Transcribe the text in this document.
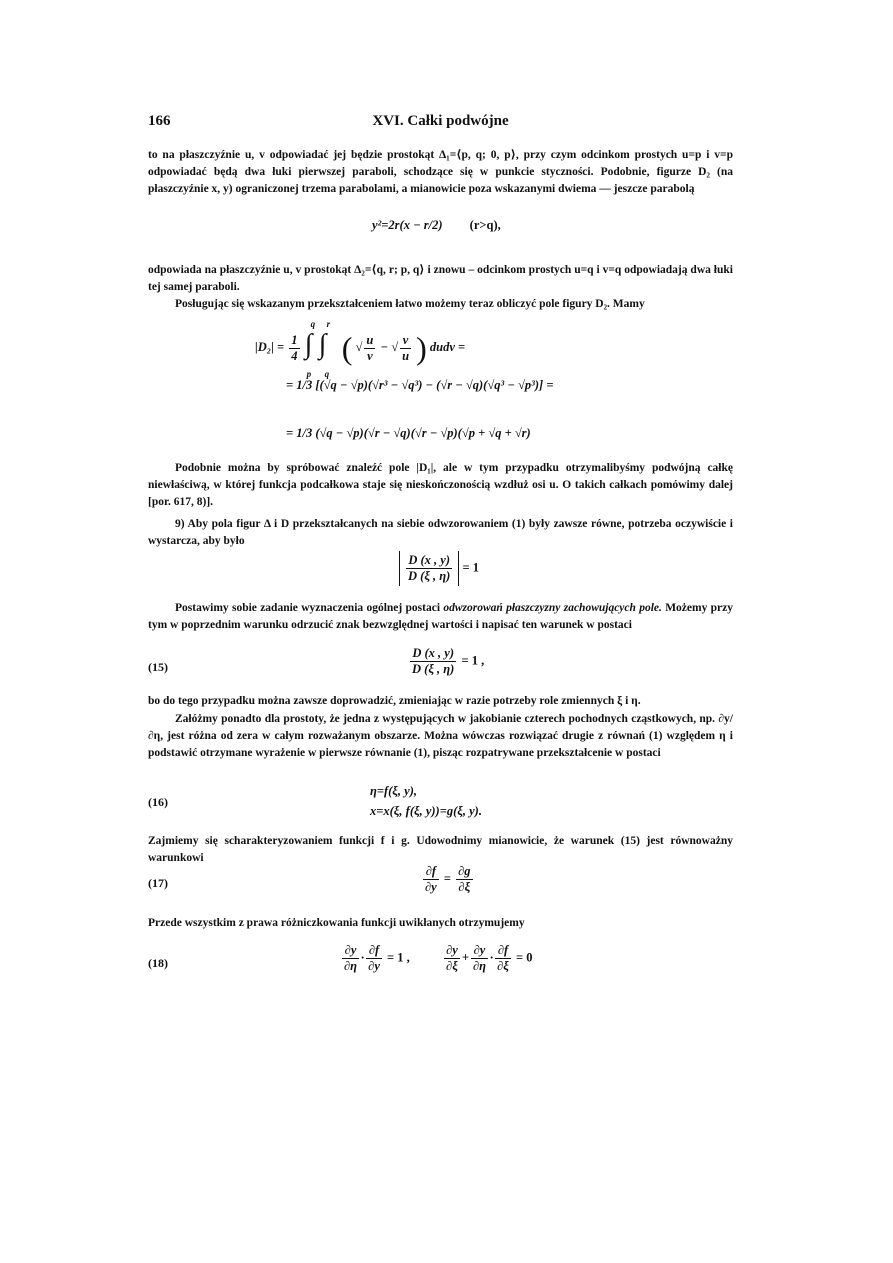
166	XVI. Całki podwójne
to na płaszczyźnie u, v odpowiadać jej będzie prostokąt Δ₁=⟨p, q; 0, p⟩, przy czym odcinkom prostych u=p i v=p odpowiadać będą dwa łuki pierwszej paraboli, schodzące się w punkcie styczności. Podobnie, figurze D₂ (na płaszczyźnie x, y) ograniczonej trzema parabolami, a mianowicie poza wskazanymi dwiema — jeszcze parabolą
y²=2r(x − r/2) (r>q),
odpowiada na płaszczyźnie u, v prostokąt Δ₂=⟨q, r; p, q⟩ i znowu – odcinkom prostych u=q i v=q odpowiadają dwa łuki tej samej paraboli.
Posługując się wskazanym przekształceniem łatwo możemy teraz obliczyć pole figury D₂. Mamy
$|D_2| = \frac{1}{4}$
∫ ∫
q r
p q
( √ $\frac{u}{v}$ − √ $\frac{v}{u}$ ) dudv =
= 1/3 [(√q − √p)(√r³ − √q³) − (√r − √q)(√q³ − √p³)] =
= 1/3 (√q − √p)(√r − √q)(√r − √p)(√p + √q + √r)
Podobnie można by spróbować znaleźć pole |D₁|, ale w tym przypadku otrzymalibyśmy podwójną całkę niewłaściwą, w której funkcja podcałkowa staje się nieskończonością wzdłuż osi u. O takich całkach pomówimy dalej [por. 617, 8)].
9) Aby pola figur Δ i D przekształcanych na siebie odwzorowaniem (1) były zawsze równe, potrzeba oczywiście i wystarcza, aby było
$\frac{D (x , y)}{D (\xi , \eta)} = 1$
Postawimy sobie zadanie wyznaczenia ogólnej postaci odwzorowań płaszczyzny zachowujących pole. Możemy przy tym w poprzednim warunku odrzucić znak bezwzględnej wartości i napisać ten warunek w postaci
(15)	$\frac{D (x , y)}{D (\xi , \eta)} = 1$ ,
bo do tego przypadku można zawsze doprowadzić, zmieniając w razie potrzeby role zmiennych ξ i η.
Załóżmy ponadto dla prostoty, że jedna z występujących w jakobianie czterech pochodnych cząstkowych, np. ∂y/∂η, jest różna od zera w całym rozważanym obszarze. Można wówczas rozwiązać drugie z równań (1) względem η i podstawić otrzymane wyrażenie w pierwsze równanie (1), pisząc rozpatrywane przekształcenie w postaci
(16)
η=f(ξ, y),
x=x(ξ, f(ξ, y))=g(ξ, y).
Zajmiemy się scharakteryzowaniem funkcji f i g. Udowodnimy mianowicie, że warunek (15) jest równoważny warunkowi
(17)	$\frac{\partial f}{\partial y} = \frac{\partial g}{\partial\xi}$
Przede wszystkim z prawa różniczkowania funkcji uwikłanych otrzymujemy
(18)	$\frac{\partial y}{\partial\eta} \cdot \frac{\partial f}{\partial y} = 1$ ,	$\frac{\partial y}{\partial\xi} + \frac{\partial y}{\partial\eta} \cdot \frac{\partial f}{\partial\xi} = 0$
